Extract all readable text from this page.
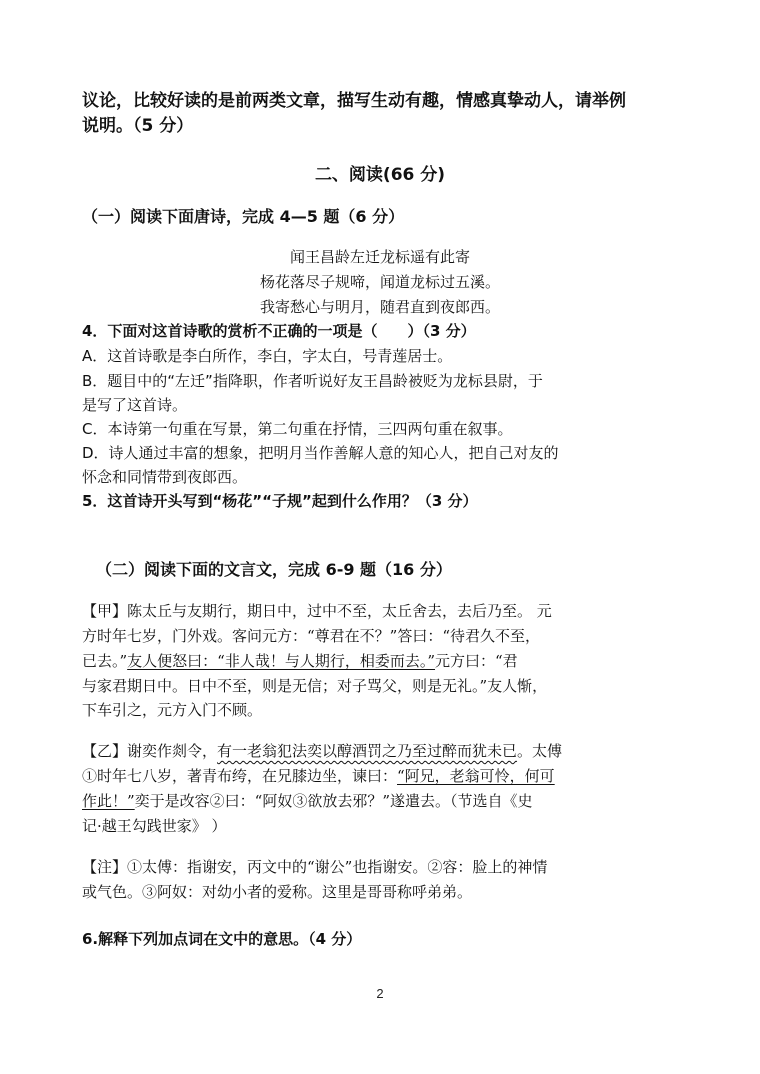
议论，比较好读的是前两类文章，描写生动有趣，情感真挚动人，请举例
说明。（5 分）
二、阅读(66 分)
（一）阅读下面唐诗，完成 4—5 题（6 分）
闻王昌龄左迁龙标遥有此寄
杨花落尽子规啼，闻道龙标过五溪。
我寄愁心与明月，随君直到夜郎西。
4．下面对这首诗歌的赏析不正确的一项是（　　）（3 分）
A．这首诗歌是李白所作，李白，字太白，号青莲居士。
B．题目中的“左迁”指降职，作者听说好友王昌龄被贬为龙标县尉，于
是写了这首诗。
C．本诗第一句重在写景，第二句重在抒情，三四两句重在叙事。
D．诗人通过丰富的想象，把明月当作善解人意的知心人，把自己对友的
怀念和同情带到夜郎西。
5．这首诗开头写到“杨花”“子规”起到什么作用？（3 分）
（二）阅读下面的文言文，完成 6-9 题（16 分）
【甲】陈太丘与友期行，期日中，过中不至，太丘舍去，去后乃至。 元
方时年七岁，门外戏。客问元方：“尊君在不？”答曰：“待君久不至，
已去。”友人便怒曰：“非人哉！与人期行，相委而去。”元方曰：“君
与家君期日中。日中不至，则是无信；对子骂父，则是无礼。”友人惭，
下车引之，元方入门不顾。
【乙】谢奕作剡令，有一老翁犯法奕以醇酒罚之乃至过醉而犹未已。太傅
①时年七八岁，著青布绔，在兄膝边坐，谏曰：“阿兄，老翁可怜，何可
作此！”奕于是改容②曰：“阿奴③欲放去邪？”遂遣去。（节选自《史
记·越王勾践世家》 ）
【注】①太傅：指谢安，丙文中的“谢公”也指谢安。②容：脸上的神情
或气色。③阿奴：对幼小者的爱称。这里是哥哥称呼弟弟。
6.解释下列加点词在文中的意思。（4 分）
2
